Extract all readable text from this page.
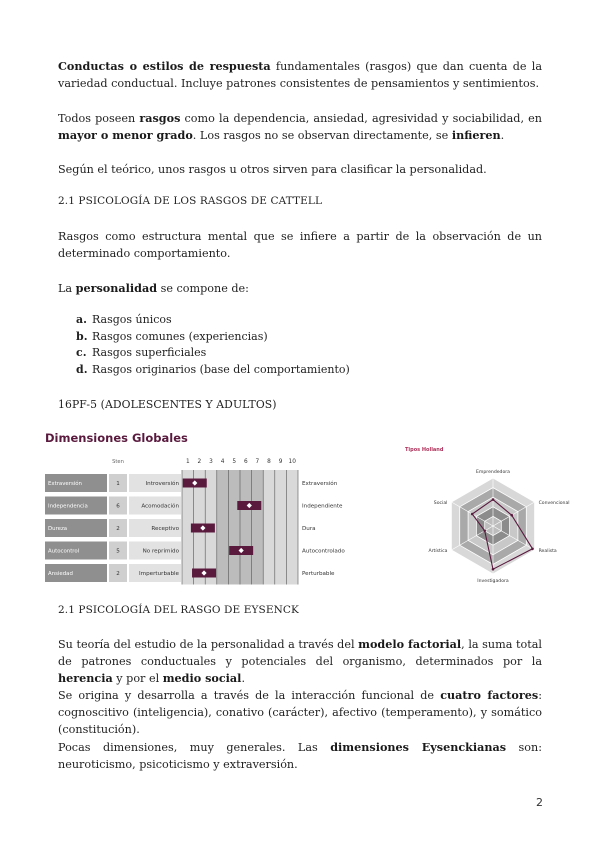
Conductas o estilos de respuesta fundamentales (rasgos) que dan cuenta de la variedad conductual. Incluye patrones consistentes de pensamientos y sentimientos.

Todos poseen rasgos como la dependencia, ansiedad, agresividad y sociabilidad, en mayor o menor grado. Los rasgos no se observan directamente, se infieren.

Según el teórico, unos rasgos u otros sirven para clasificar la personalidad.

2.1 PSICOLOGÍA DE LOS RASGOS DE CATTELL

Rasgos como estructura mental que se infiere a partir de la observación de un determinado comportamiento.

La personalidad se compone de:

a. Rasgos únicos
b. Rasgos comunes (experiencias)
c. Rasgos superficiales
d. Rasgos originarios (base del comportamiento)
16PF-5 (ADOLESCENTES Y ADULTOS)
Dimensiones Globales
1 2 3 4 5 6 7 8 9 10
Sten
Extraversión	1	Introversión	Extraversión
Independencia	6	Acomodación	Independiente
Dureza	2	Receptivo	Dura
Autocontrol	5	No reprimido	Autocontrolado
Ansiedad	2	Imperturbable	Perturbable
Tipos Holland
Emprendedora
Convencional
Realista
Investigadora
Artística
Social
2.1 PSICOLOGÍA DEL RASGO DE EYSENCK

Su teoría del estudio de la personalidad a través del modelo factorial, la suma total de patrones conductuales y potenciales del organismo, determinados por la herencia y por el medio social.

Se origina y desarrolla a través de la interacción funcional de cuatro factores: cognoscitivo (inteligencia), conativo (carácter), afectivo (temperamento), y somático (constitución).

Pocas dimensiones, muy generales. Las dimensiones Eysenckianas son: neuroticismo, psicoticismo y extraversión.

2
